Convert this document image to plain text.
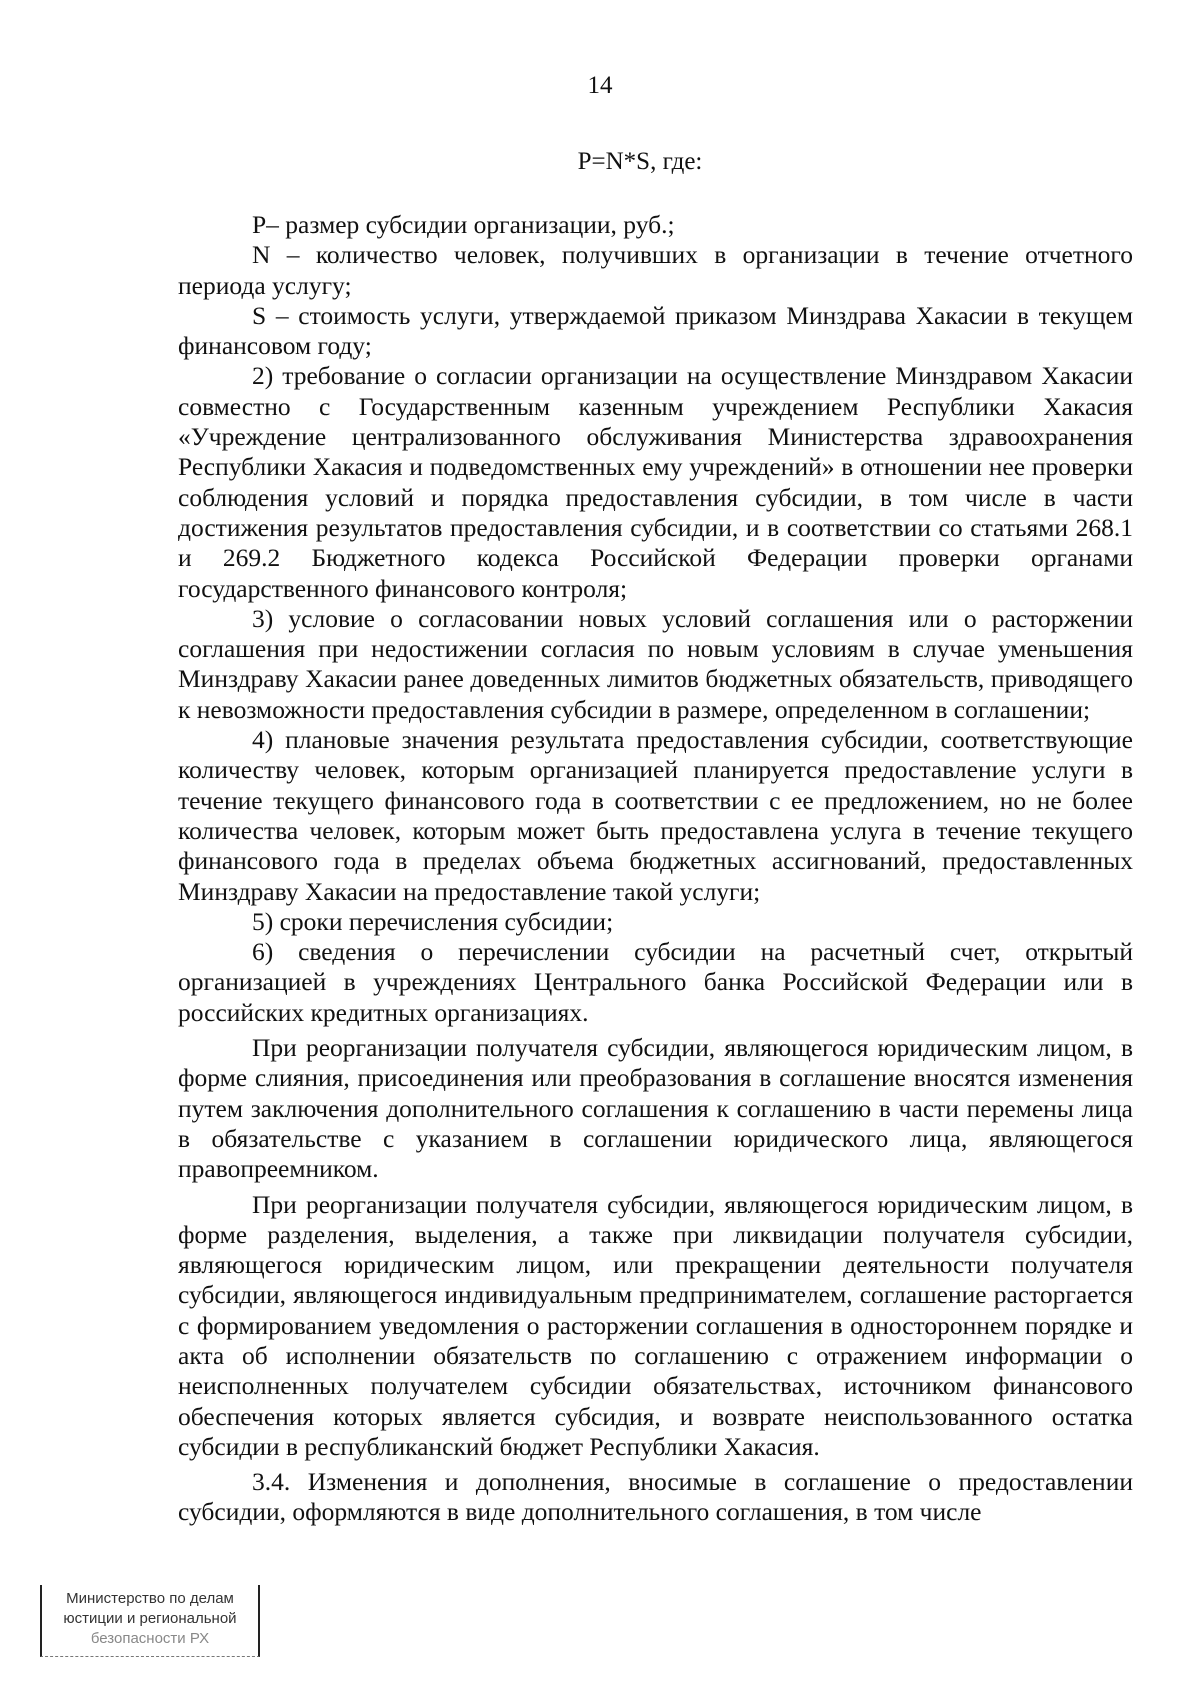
14
P=N*S, где:

P– размер субсидии организации, руб.;

N – количество человек, получивших в организации в течение отчетного периода услугу;

S – стоимость услуги, утверждаемой приказом Минздрава Хакасии в текущем финансовом году;

2) требование о согласии организации на осуществление Минздравом Хакасии совместно с Государственным казенным учреждением Республики Хакасия «Учреждение централизованного обслуживания Министерства здравоохранения Республики Хакасия и подведомственных ему учреждений» в отношении нее проверки соблюдения условий и порядка предоставления субсидии, в том числе в части достижения результатов предоставления субсидии, и в соответствии со статьями 268.1 и 269.2 Бюджетного кодекса Российской Федерации проверки органами государственного финансового контроля;

3) условие о согласовании новых условий соглашения или о расторжении соглашения при недостижении согласия по новым условиям в случае уменьшения Минздраву Хакасии ранее доведенных лимитов бюджетных обязательств, приводящего к невозможности предоставления субсидии в размере, определенном в соглашении;

4) плановые значения результата предоставления субсидии, соответствующие количеству человек, которым организацией планируется предоставление услуги в течение текущего финансового года в соответствии с ее предложением, но не более количества человек, которым может быть предоставлена услуга в течение текущего финансового года в пределах объема бюджетных ассигнований, предоставленных Минздраву Хакасии на предоставление такой услуги;

5) сроки перечисления субсидии;

6) сведения о перечислении субсидии на расчетный счет, открытый организацией в учреждениях Центрального банка Российской Федерации или в российских кредитных организациях.

При реорганизации получателя субсидии, являющегося юридическим лицом, в форме слияния, присоединения или преобразования в соглашение вносятся изменения путем заключения дополнительного соглашения к соглашению в части перемены лица в обязательстве с указанием в соглашении юридического лица, являющегося правопреемником.

При реорганизации получателя субсидии, являющегося юридическим лицом, в форме разделения, выделения, а также при ликвидации получателя субсидии, являющегося юридическим лицом, или прекращении деятельности получателя субсидии, являющегося индивидуальным предпринимателем, соглашение расторгается с формированием уведомления о расторжении соглашения в одностороннем порядке и акта об исполнении обязательств по соглашению с отражением информации о неисполненных получателем субсидии обязательствах, источником финансового обеспечения которых является субсидия, и возврате неиспользованного остатка субсидии в республиканский бюджет Республики Хакасия.

3.4. Изменения и дополнения, вносимые в соглашение о предоставлении субсидии, оформляются в виде дополнительного соглашения, в том числе

Министерство по делам
юстиции и региональной
безопасности РХ
